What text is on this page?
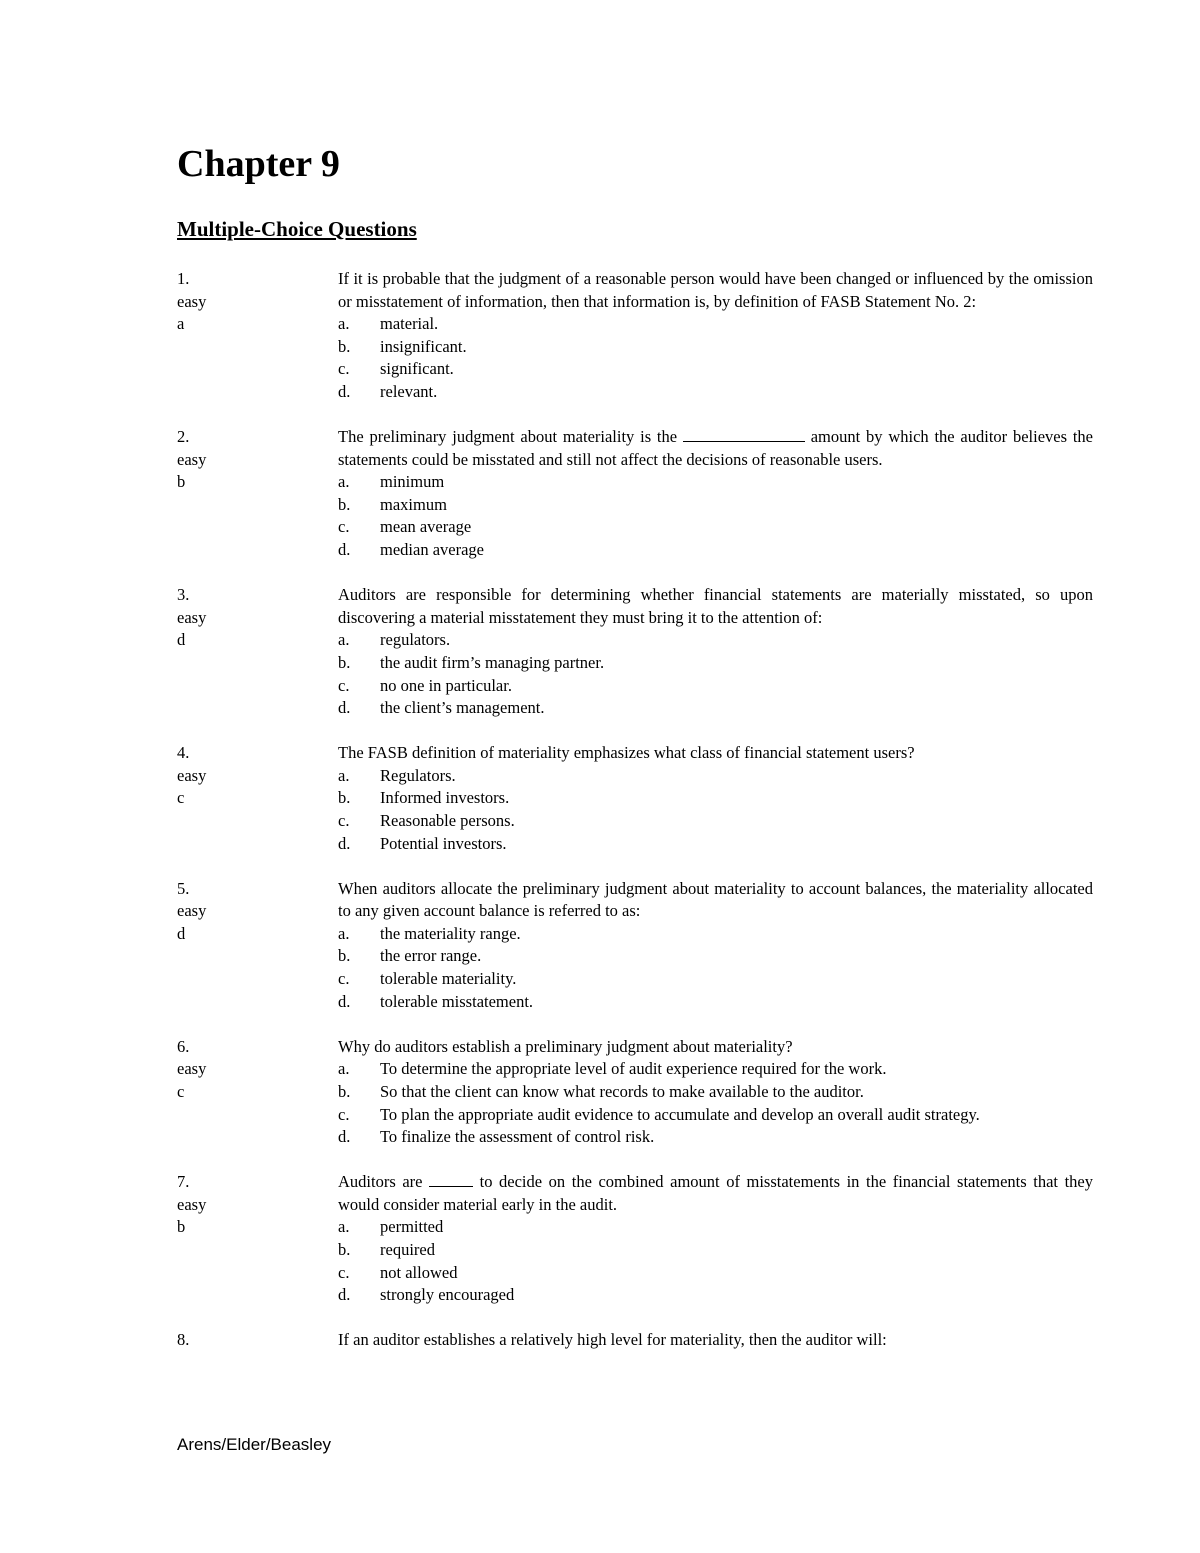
Chapter 9
Multiple-Choice Questions
1.
easy
a
If it is probable that the judgment of a reasonable person would have been changed or influenced by the omission or misstatement of information, then that information is, by definition of FASB Statement No. 2:
a.	material.
b.	insignificant.
c.	significant.
d.	relevant.
2.
easy
b
The preliminary judgment about materiality is the	amount by which the auditor believes the statements could be misstated and still not affect the decisions of reasonable users.
a.	minimum
b.	maximum
c.	mean average
d.	median average
3.
easy
d
Auditors are responsible for determining whether financial statements are materially misstated, so upon discovering a material misstatement they must bring it to the attention of:
a.	regulators.
b.	the audit firm’s managing partner.
c.	no one in particular.
d.	the client’s management.
4.
easy
c
The FASB definition of materiality emphasizes what class of financial statement users?
a.	Regulators.
b.	Informed investors.
c.	Reasonable persons.
d.	Potential investors.
5.
easy
d
When auditors allocate the preliminary judgment about materiality to account balances, the materiality allocated to any given account balance is referred to as:
a.	the materiality range.
b.	the error range.
c.	tolerable materiality.
d.	tolerable misstatement.
6.
easy
c
Why do auditors establish a preliminary judgment about materiality?
a.	To determine the appropriate level of audit experience required for the work.
b.	So that the client can know what records to make available to the auditor.
c.	To plan the appropriate audit evidence to accumulate and develop an overall audit strategy.
d.	To finalize the assessment of control risk.
7.
easy
b
Auditors are	to decide on the combined amount of misstatements in the financial statements that they would consider material early in the audit.
a.	permitted
b.	required
c.	not allowed
d.	strongly encouraged
8.	If an auditor establishes a relatively high level for materiality, then the auditor will:
Arens/Elder/Beasley
